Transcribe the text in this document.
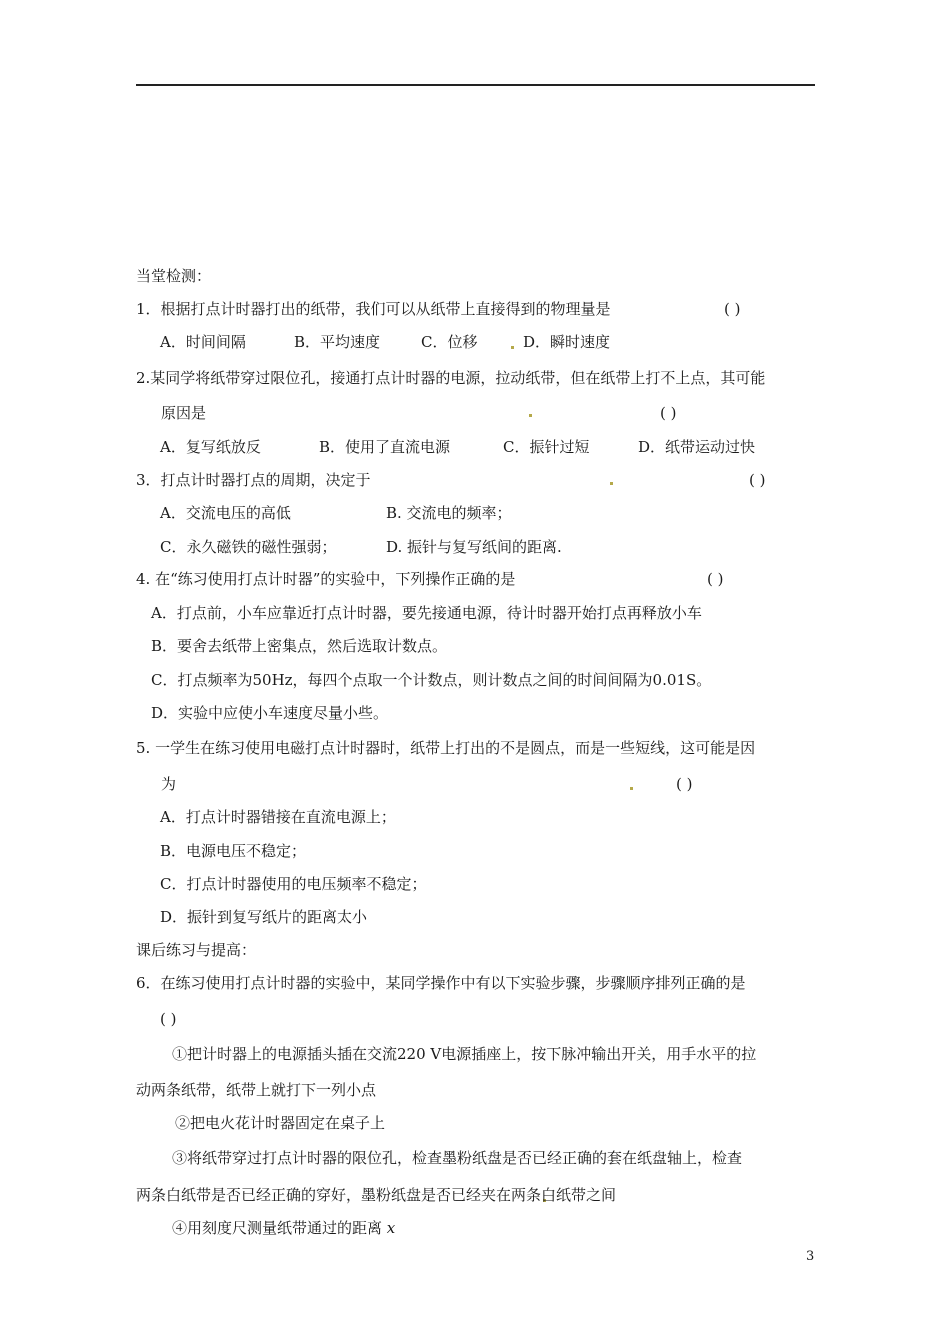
当堂检测：
1．根据打点计时器打出的纸带，我们可以从纸带上直接得到的物理量是	( )
A．时间间隔	B．平均速度	C．位移	D．瞬时速度
2.某同学将纸带穿过限位孔，接通打点计时器的电源，拉动纸带，但在纸带上打不上点，其可能
原因是	( )
A．复写纸放反	B．使用了直流电源	C．振针过短	D．纸带运动过快
3．打点计时器打点的周期，决定于	( )
A．交流电压的高低	B. 交流电的频率；
C．永久磁铁的磁性强弱；	D. 振针与复写纸间的距离.
4. 在“练习使用打点计时器”的实验中，下列操作正确的是	( )
A．打点前，小车应靠近打点计时器，要先接通电源，待计时器开始打点再释放小车
B．要舍去纸带上密集点，然后选取计数点。
C．打点频率为50Hz，每四个点取一个计数点，则计数点之间的时间间隔为0.01S。
D．实验中应使小车速度尽量小些。
5. 一学生在练习使用电磁打点计时器时，纸带上打出的不是圆点，而是一些短线，这可能是因
为	( )
A．打点计时器错接在直流电源上；
B．电源电压不稳定；
C．打点计时器使用的电压频率不稳定；
D．振针到复写纸片的距离太小
课后练习与提高：
6．在练习使用打点计时器的实验中，某同学操作中有以下实验步骤，步骤顺序排列正确的是
( )
①把计时器上的电源插头插在交流220 V电源插座上，按下脉冲输出开关，用手水平的拉
动两条纸带，纸带上就打下一列小点
②把电火花计时器固定在桌子上
③将纸带穿过打点计时器的限位孔，检查墨粉纸盘是否已经正确的套在纸盘轴上，检查
两条白纸带是否已经正确的穿好，墨粉纸盘是否已经夹在两条白纸带之间
④用刻度尺测量纸带通过的距离 x
3
